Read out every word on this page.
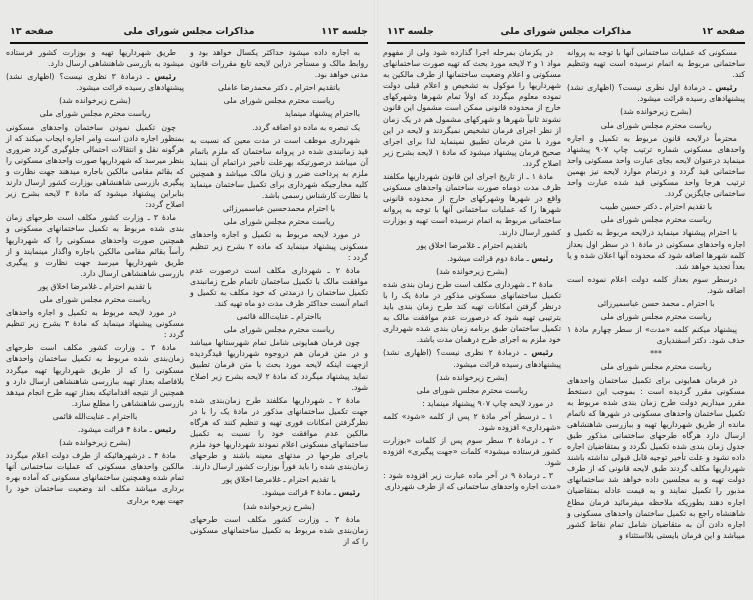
جلسه ۱۱۳
مذاکرات مجلس شورای ملی
صفحه ۱۳

به اجاره داده میشود حداکثر یکسال خواهد بود و روابط مالک و مستأجر دراین لایحه تابع مقررات قانون مدنی خواهد بود.

باتقدیم احترام ـ دکتر محمدرضا عاملی

ریاست محترم مجلس شورای ملی

بااحترام پیشنهاد مینماید

یک تبصره به ماده دو اضافه گردد.

شهرداری موظف است در مدت معین که نسبت به قید زمانبندی شده در پروانه ساختمان که ملزم باتمام آن میباشد درصورتیکه بهرعلت تأخیر دراتمام آن بنماید ملزم به پرداخت ضرر و زیان مالک میباشد و همچنین کلیه مخارجیکه شهرداری برای تکمیل ساختمان مینماید با نظارت کارشناس رسمی باشد.

با احترام محمدحسین عباسمیرزائی

ریاست محترم مجلس شورای ملی

در مورد لایحه مربوط به تکمیل و اجاره واحدهای مسکونی پیشنهاد مینماید که ماده ۲ بشرح زیر تنظیم گردد :

مادهٔ ۲ ـ شهرداری مکلف است درصورت عدم موافقت مالک با تکمیل ساختمان تاتمام طرح زمانبندی تکمیل ساختمان را درمدتی که خود مکلف به تکمیل و اتمام آنست حداکثر ظرف مدت دو ماه تهیه کند.

بااحترام ـ عنایت‌الله قائمی

ریاست محترم مجلس شورای ملی

چون فرمان همایونی شامل تمام شهرستانها میباشد و در متن فرمان هم دروجوه شهرداریها قیدگردیده ازجهت اینکه لایحه مورد بحث با متن فرمان تطبیق نماید پیشنهاد میگردد که مادهٔ ۲ لایحه بشرح زیر اصلاح شود.

مادهٔ ۲ ـ شهرداریها مکلفند طرح زمان‌بندی شده جهت تکمیل ساختمانهای مذکور در مادهٔ یک را با در نظرگرفتن امکانات فوری تهیه و تنظیم کنند که هرگاه مالکین عدم موافقت خود را نسبت به تکمیل ساختمانهای مسکونی اعلام نمودند شهرداریها خود ملزم باجرای طرحها در مدتهای معینه باشند و طرحهای زمان‌بندی شده را باید فوراً بوزارت کشور ارسال دارند.

با تقدیم احترام ـ غلامرضا اخلاق پور

رئیس ـ مادهٔ ۳ قرائت میشود.

(بشرح زیرخوانده شد)

مادهٔ ۳ ـ وزارت کشور مکلف است طرحهای زمان‌بندی شده مربوط به تکمیل ساختمانهای مسکونی را که از

طریق شهرداریها تهیه و بوزارت کشور فرستاده میشود به بازرسی شاهنشاهی ارسال دارد.

رئیس ـ درمادهٔ ۳ نظری نیست؟ (اظهاری نشد) پیشنهادهای رسیده قرائت میشود.

(بشرح زیرخوانده شد)

ریاست محترم مجلس شورای ملی

چون تکمیل نمودن ساختمان واحدهای مسکونی بمنظور اجاره دادن است وامر اجاره ایجاب میکند که از هرگونه نقل و انتقالات احتمالی جلوگیری گردد ضروری بنظر میرسد که شهرداریها صورت واحدهای مسکونی را که بقائم مقامی مالکین باجاره میدهند جهت نظارت و پیگیری بازرسی شاهنشاهی بوزارت کشور ارسال دارند بنابراین پیشنهاد میشود که مادهٔ ۳ لایحه بشرح زیر اصلاح گردد:

مادهٔ ۳ ـ وزارت کشور مکلف است طرحهای زمان بندی شده مربوط به تکمیل ساختمانهای مسکونی و همچنین صورت واحدهای مسکونی را که شهرداریها رأساً بقائم مقامی مالکین باجاره واگذار مینمایند و از طریق شهرداریها میرسد جهت نظارت و پیگیری بازرسی شاهنشاهی ارسال دارد.

با تقدیم احترام ـ غلامرضا اخلاق پور

ریاست محترم مجلس شورای ملی

در مورد لایحه مربوط به تکمیل و اجاره واحدهای مسکونی پیشنهاد مینماید که مادهٔ ۳ بشرح زیر تنظیم گردد :

مادهٔ ۳ ـ وزارت کشور مکلف است طرحهای زمان‌بندی شده مربوط به تکمیل ساختمان واحدهای مسکونی را که از طریق شهرداریها تهیه میگردد بلافاصله بعداز تهیه ببازرسی شاهنشاهی ارسال دارد و همچنین از نتیجه اقداماتیکه بعداز تهیه طرح انجام میدهد بازرسی شاهنشاهی را مطلع سازد.

بااحترام ـ عنایت‌الله قائمی

رئیس ـ مادهٔ ۴ قرائت میشود.

(بشرح زیرخوانده شد)

مادهٔ ۴ ـ درشهرهائیکه از طرف دولت اعلام میگردد مالکین واحدهای مسکونی که عملیات ساختمانی آنها تمام شده وهمچنین ساختمانهای مسکونی که آماده بهره برداری میباشد مکلف اند وضعیت ساختمان خود را جهت بهره برداری

صفحه ۱۲
مذاکرات مجلس شورای ملی
جلسه ۱۱۳

مسکونی که عملیات ساختمانی آنها با توجه به پروانه ساختمانی مربوط به اتمام نرسیده است تهیه وتنظیم کند.

رئیس ـ درمادهٔ اول نظری نیست؟ (اظهاری نشد) پیشنهادهای رسیده قرائت میشود.

(بشرح زیرخوانده شد)

ریاست محترم مجلس شورای ملی

محترماً درلایحه قانون مربوط به تکمیل و اجاره واحدهای مسکونی شماره ترتیب چاپ ۹۰۷ پیشنهاد مینماید درعنوان لایحه بجای عبارت واحد مسکونی واحد ساختمانی قید گردد و درتمام موارد لایحه نیز بهمین ترتیب هرجا واحد مسکونی قید شده عبارت واحد ساختمانی جایگزین گردد.

با تقدیم احترام ـ دکتر حسین طبیب

ریاست محترم مجلس شورای ملی

با احترام پیشنهاد مینماید درلایحه مربوط به تکمیل و اجاره واحدهای مسکونی در مادهٔ ۱ در سطر اول بعداز کلمه شهرها اضافه شود که محدوده آنها اعلان شده و یا بعداً تجدید خواهد شد.

درسطر سوم بعداز کلمه دولت اعلام نموده است اضافه شود.

با احترام ـ محمد حسن عباسمیرزائی

ریاست محترم مجلس شورای ملی

پیشنهاد میکنم کلمه «مدت» از سطر چهارم مادهٔ ۱ حذف شود. دکتر اسفندیاری

***

ریاست محترم مجلس شورای ملی

در فرمان همایونی برای تکمیل ساختمان واحدهای مسکونی مقرر گردیده است : بموجب این دستخط مقرر میداریم دولت طرح زمان بندی شده مربوط به تکمیل ساختمان واحدهای مسکونی در شهرها که ناتمام مانده از طریق شهرداریها تهیه و ببازرسی شاهنشاهی ارسال دارد هرگاه طرحهای ساختمانی مذکور طبق جدول زمان بندی شده تکمیل نگردد و بمتقاضیان اجاره داده نشود و علت تأخیر توجیه قابل قبولی نداشته باشند شهرداریها مکلف گردند طبق لایحه قانونی که از طرف دولت تهیه و به مجلسین داده خواهد شد ساختمانهای مذبور را تکمیل نمایند و به قیمت عادله بمتقاضیان اجاره دهند بطوریکه ملاحظه میفرمائید فرمان مطاع شاهنشاه راجع به تکمیل ساختمان واحدهای مسکونی و اجاره دادن آن به متقاضیان شامل تمام نقاط کشور میباشد و این فرمان بایستی بلااستثناء و

در یکزمان بمرحله اجرا گذارده شود ولی از مفهوم مواد ۱ و ۲ لایحه مورد بحث که تهیه صورت ساختمانهای مسکونی و اعلام وضعیت ساختمانها از طرف مالکین به شهرداریها را موکول به تشخیص و اعلام قبلی دولت نموده معلوم میگردد که اولاً تمام شهرها وشهرکهای خارج از محدوده قانونی ممکن است مشمول این قانون نشوند ثانیاً شهرها و شهرکهای مشمول هم در یک زمان از نظر اجرای فرمان تشخیص نمیگردند و لایحه در این مورد با متن فرمان تطبیق نمینماید لذا برای اجرای صحیح فرمان پیشنهاد میشود که مادهٔ ۱ لایحه بشرح زیر اصلاح گردد.

مادهٔ ۱ ـ از تاریخ اجرای این قانون شهرداریها مکلفند ظرف مدت دوماه صورت ساختمان واحدهای مسکونی واقع در شهرها وشهرکهای خارج از محدوده قانونی شهرها را که عملیات ساختمانی آنها با توجه به پروانه ساختمانی مربوط به اتمام نرسیده است تهیه و بوزارت کشور ارسال دارند.

باتقدیم احترام ـ غلامرضا اخلاق پور

رئیس ـ مادهٔ دوم قرائت میشود.

(بشرح زیرخوانده شد)

مادهٔ ۲ ـ شهرداری مکلف است طرح زمان بندی شده تکمیل ساختمانهای مسکونی مذکور در مادهٔ یک را با درنظر گرفتن امکانات تهیه کند طرح زمان بندی باید بترتیبی تهیه شود که درصورت عدم موافقت مالک به تکمیل ساختمان طبق برنامه زمان بندی شده شهرداری خود ملزم به اجرای طرح درهمان مدت باشد.

رئیس ـ درمادهٔ ۲ نظری نیست؟ (اظهاری نشد) پیشنهادهای رسیده قرائت میشود.

(بشرح زیرخوانده شد)

ریاست محترم مجلس شورای ملی

در مورد لایحه چاپ ۹۰۷ پیشنهاد مینماید :

۱ ـ درسطر آخر مادهٔ ۲ پس از کلمه «شود» کلمه «شهرداری» افزوده شود.

۲ ـ درمادهٔ ۳ سطر سوم پس از کلمات «بوزارت کشور فرستاده میشود» کلمات «جهت پیگیری» افزوده شود.

۳ ـ درمادهٔ ۹ در آخر ماده عبارت زیر افزوده شود : «مدت اجاره واحدهای ساختمانی که از طرف شهرداری
